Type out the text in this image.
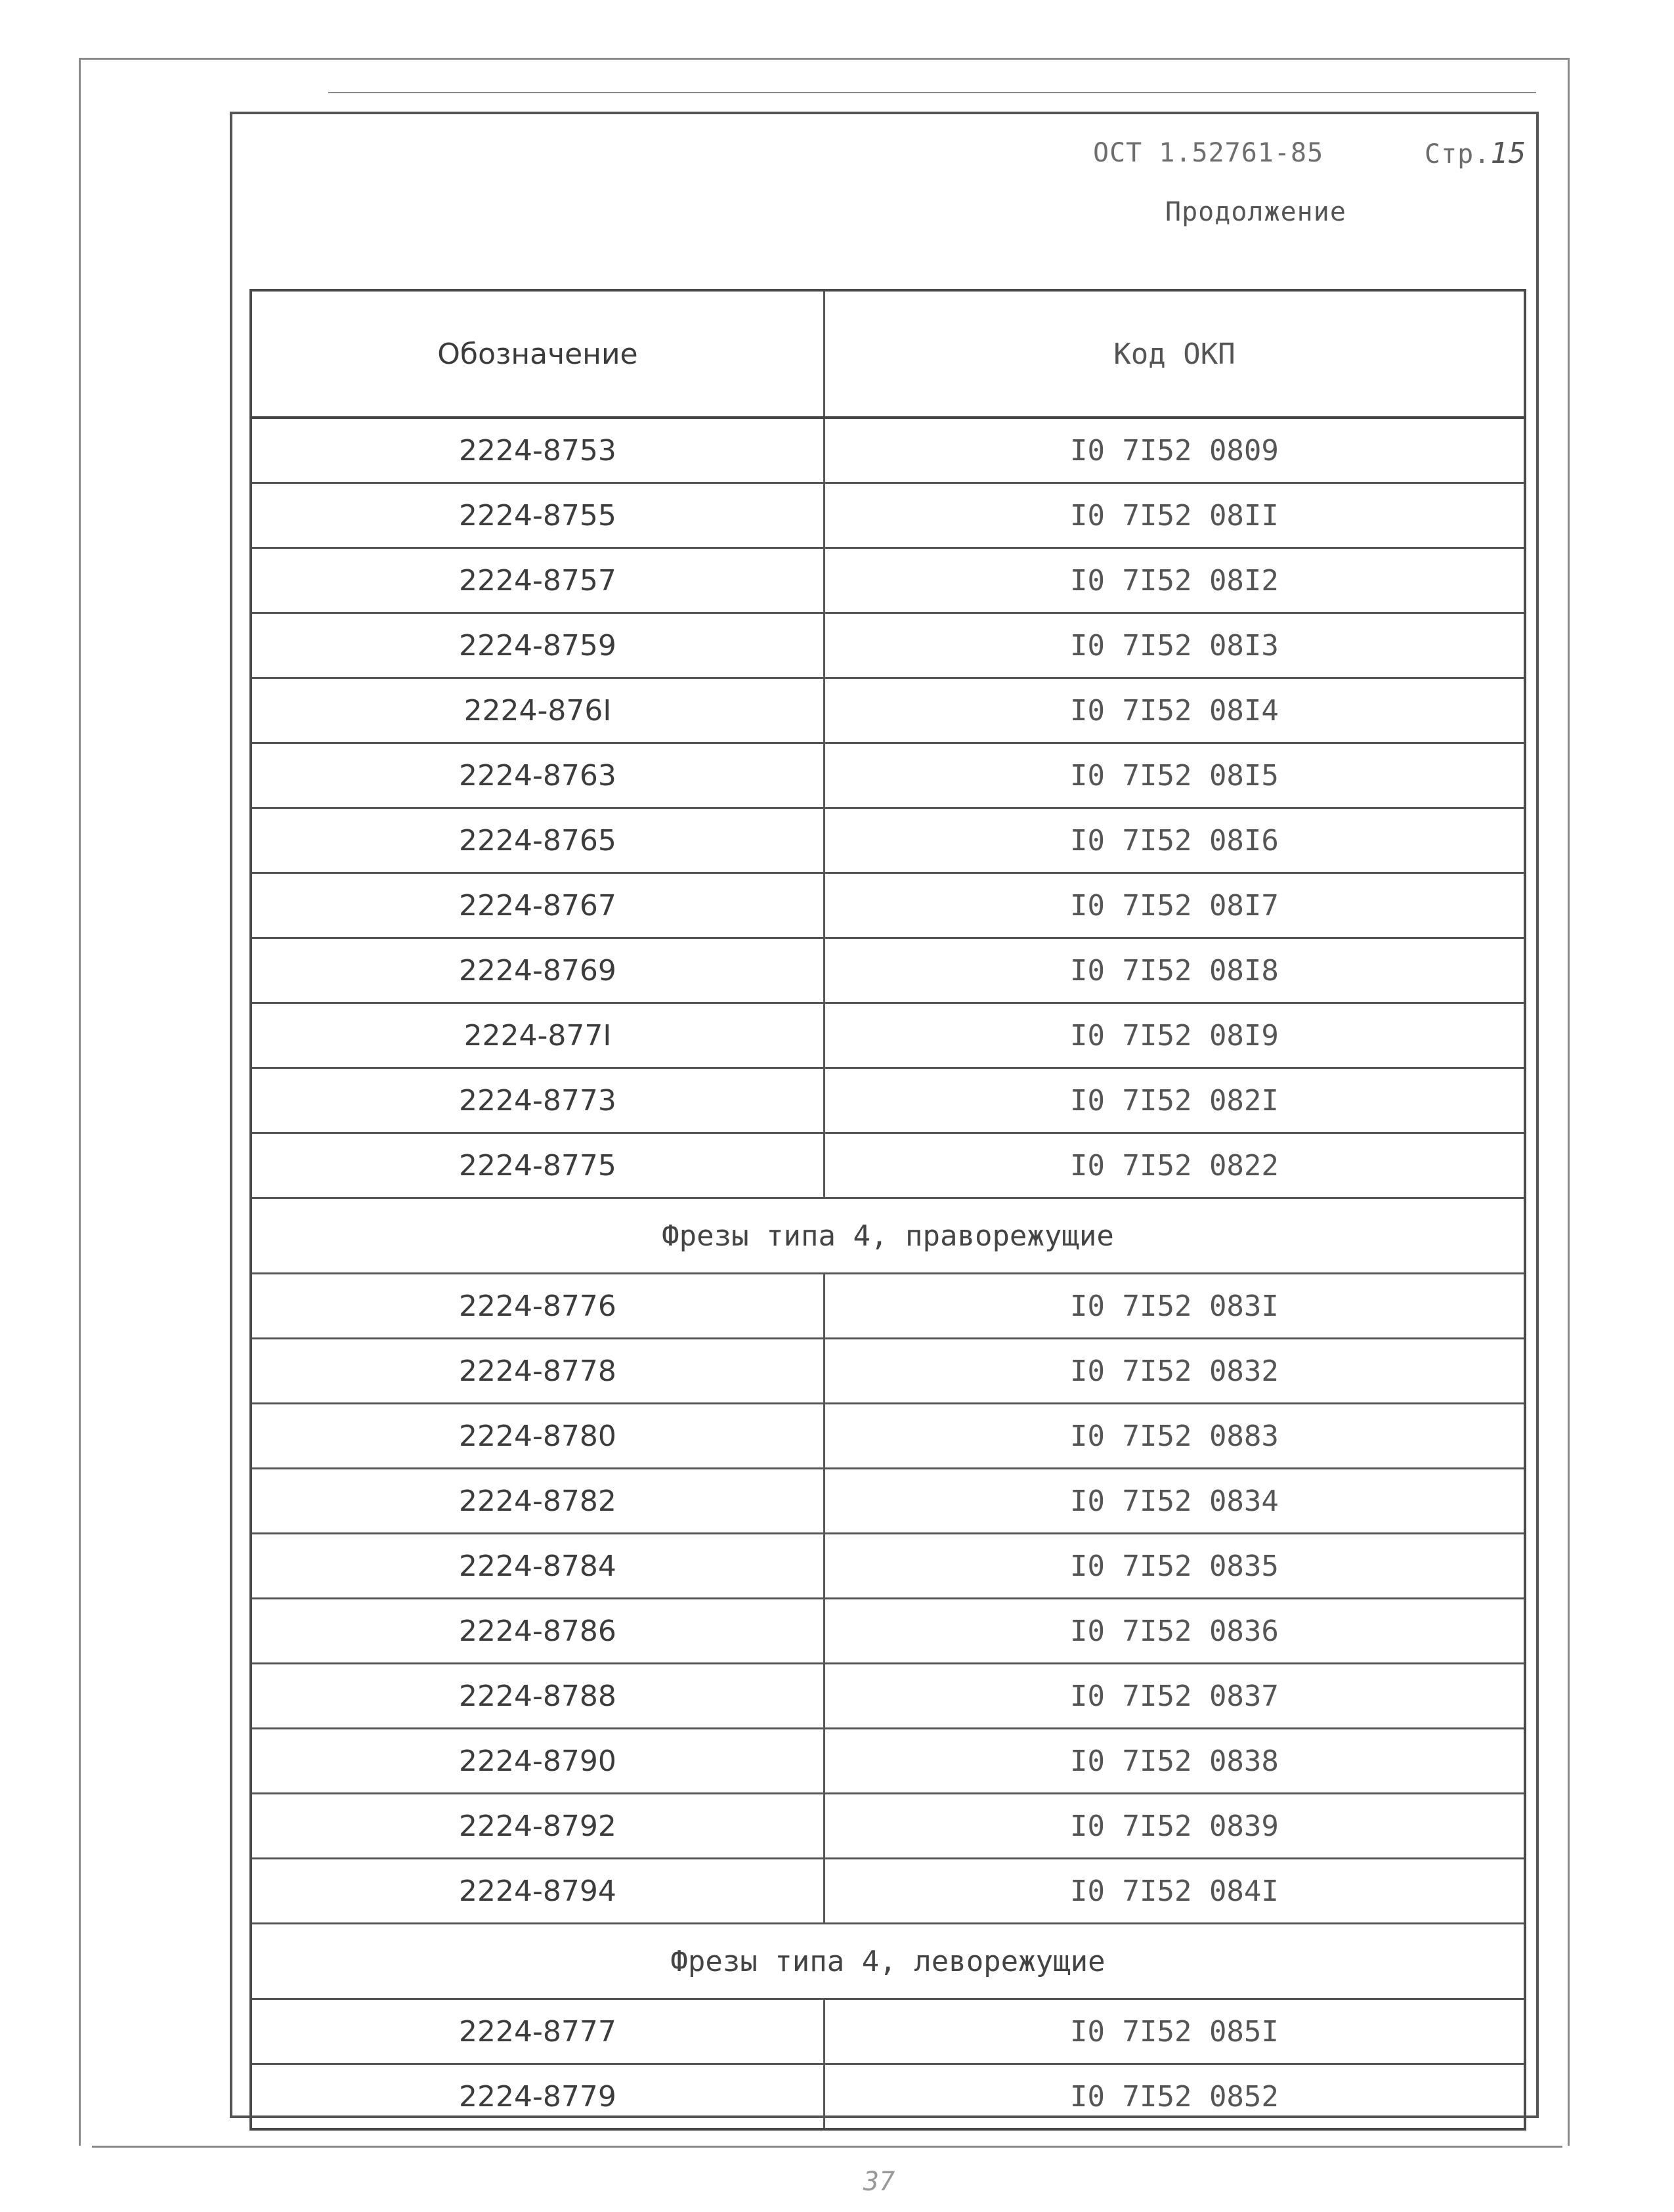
ОСТ 1.52761-85	Стр.15
Продолжение
Обозначение	Код ОКП
2224-8753	I0 7I52 0809
2224-8755	I0 7I52 08II
2224-8757	I0 7I52 08I2
2224-8759	I0 7I52 08I3
2224-876I	I0 7I52 08I4
2224-8763	I0 7I52 08I5
2224-8765	I0 7I52 08I6
2224-8767	I0 7I52 08I7
2224-8769	I0 7I52 08I8
2224-877I	I0 7I52 08I9
2224-8773	I0 7I52 082I
2224-8775	I0 7I52 0822
Фрезы типа 4, праворежущие	
2224-8776	I0 7I52 083I
2224-8778	I0 7I52 0832
2224-8780	I0 7I52 0883
2224-8782	I0 7I52 0834
2224-8784	I0 7I52 0835
2224-8786	I0 7I52 0836
2224-8788	I0 7I52 0837
2224-8790	I0 7I52 0838
2224-8792	I0 7I52 0839
2224-8794	I0 7I52 084I
Фрезы типа 4, леворежущие	
2224-8777	I0 7I52 085I
2224-8779	I0 7I52 0852
37
